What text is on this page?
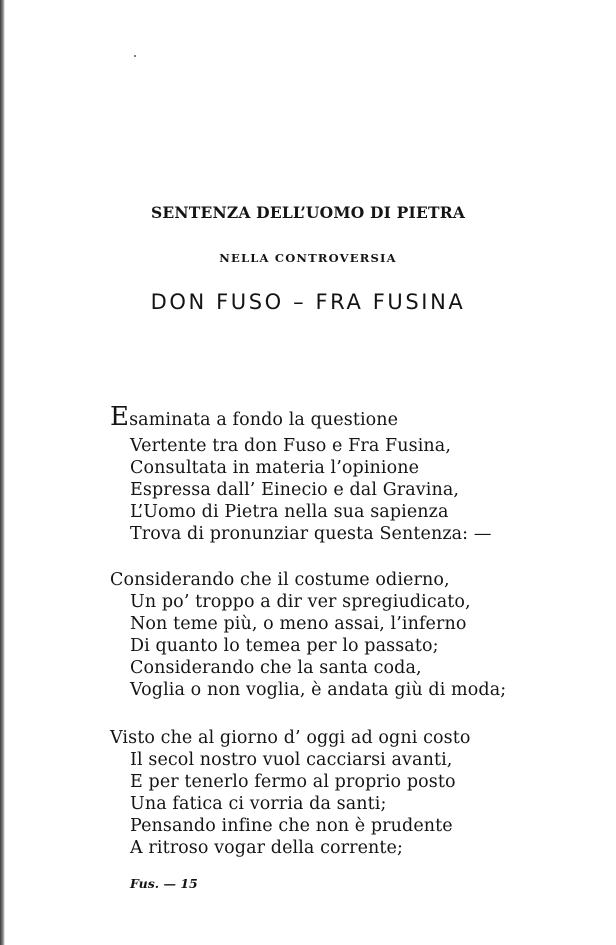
SENTENZA DELL’UOMO DI PIETRA
NELLA CONTROVERSIA
DON FUSO – FRA FUSINA
Esaminata a fondo la questione
Vertente tra don Fuso e Fra Fusina,
Consultata in materia l’opinione
Espressa dall’ Einecio e dal Gravina,
L’Uomo di Pietra nella sua sapienza
Trova di pronunziar questa Sentenza: —
Considerando che il costume odierno,
Un po’ troppo a dir ver spregiudicato,
Non teme più, o meno assai, l’inferno
Di quanto lo temea per lo passato;
Considerando che la santa coda,
Voglia o non voglia, è andata giù di moda;
Visto che al giorno d’ oggi ad ogni costo
Il secol nostro vuol cacciarsi avanti,
E per tenerlo fermo al proprio posto
Una fatica ci vorria da santi;
Pensando infine che non è prudente
A ritroso vogar della corrente;
Fus. — 15
